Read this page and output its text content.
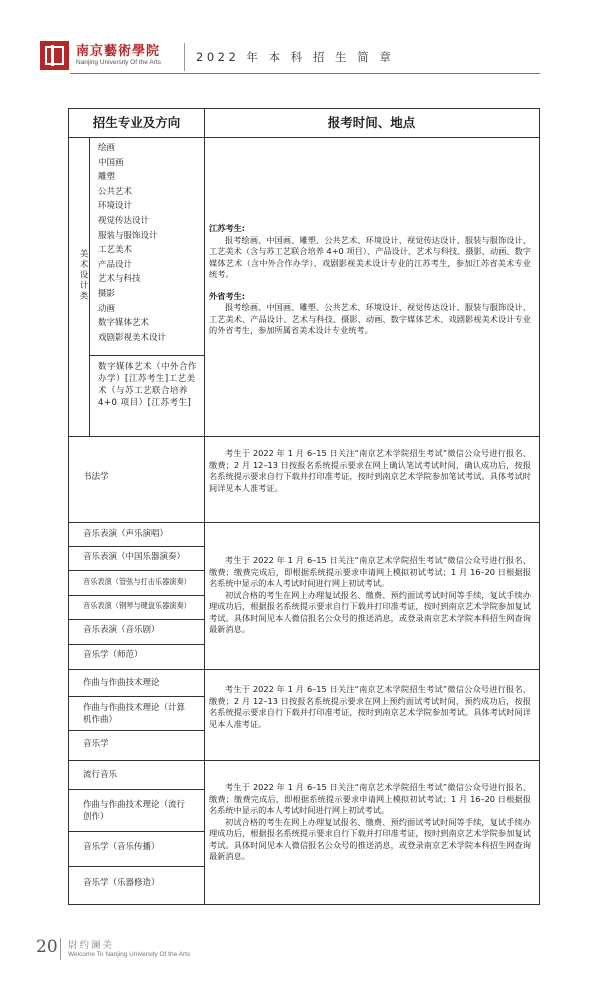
南京藝術學院
Nanjing University Of the Arts	2022 年 本 科 招 生 简 章
招生专业及方向	报考时间、地点
美术设计类
绘画
中国画
雕塑
公共艺术
环境设计
视觉传达设计
服装与服饰设计
工艺美术
产品设计
艺术与科技
摄影
动画
数字媒体艺术
戏剧影视美术设计
数字媒体艺术（中外合作办学）[江苏考生]工艺美术（与苏工艺联合培养 4+0 项目）[江苏考生]
江苏考生:
报考绘画、中国画、雕塑、公共艺术、环境设计、视觉传达设计、服装与服饰设计、工艺美术（含与苏工艺联合培养 4+0 项目）、产品设计、艺术与科技、摄影、动画、数字媒体艺术（含中外合作办学）、戏剧影视美术设计专业的江苏考生，参加江苏省美术专业统考。
外省考生:
报考绘画、中国画、雕塑、公共艺术、环境设计、视觉传达设计、服装与服饰设计、工艺美术、产品设计、艺术与科技、摄影、动画、数字媒体艺术、戏剧影视美术设计专业的外省考生，参加所属省美术设计专业统考。
书法学
考生于 2022 年 1 月 6–15 日关注“南京艺术学院招生考试”微信公众号进行报名、缴费；2 月 12–13 日按报名系统提示要求在网上确认笔试考试时间，确认成功后，按报名系统提示要求自行下载并打印准考证，按时到南京艺术学院参加笔试考试。具体考试时间详见本人准考证。
音乐表演（声乐演唱）
音乐表演（中国乐器演奏）
音乐表演（管弦与打击乐器演奏）
音乐表演（钢琴与键盘乐器演奏）
音乐表演（音乐剧）
音乐学（师范）
考生于 2022 年 1 月 6–15 日关注“南京艺术学院招生考试”微信公众号进行报名、缴费；缴费完成后，即根据系统提示要求申请网上模拟初试考试；1 月 16–20 日根据报名系统中显示的本人考试时间进行网上初试考试。
初试合格的考生在网上办理复试报名、缴费、预约面试考试时间等手续，复试手续办理成功后，根据报名系统提示要求自行下载并打印准考证，按时到南京艺术学院参加复试考试。具体时间见本人微信报名公众号的推送消息，或登录南京艺术学院本科招生网查询最新消息。
作曲与作曲技术理论
作曲与作曲技术理论（计算机作曲）
音乐学
考生于 2022 年 1 月 6–15 日关注“南京艺术学院招生考试”微信公众号进行报名、缴费；2 月 12–13 日按报名系统提示要求在网上预约面试考试时间，预约成功后，按报名系统提示要求自行下载并打印准考证，按时到南京艺术学院参加考试。具体考试时间详见本人准考证。
流行音乐
作曲与作曲技术理论（流行创作）
音乐学（音乐传播）
音乐学（乐器修造）
考生于 2022 年 1 月 6–15 日关注“南京艺术学院招生考试”微信公众号进行报名、缴费；缴费完成后，即根据系统提示要求申请网上模拟初试考试；1 月 16–20 日根据报名系统中显示的本人考试时间进行网上初试考试。
初试合格的考生在网上办理复试报名、缴费、预约面试考试时间等手续，复试手续办理成功后，根据报名系统提示要求自行下载并打印准考证，按时到南京艺术学院参加复试考试。具体时间见本人微信报名公众号的推送消息，或登录南京艺术学院本科招生网查询最新消息。
20 尉约澜美
Welcome To Nanjing University Of the Arts
